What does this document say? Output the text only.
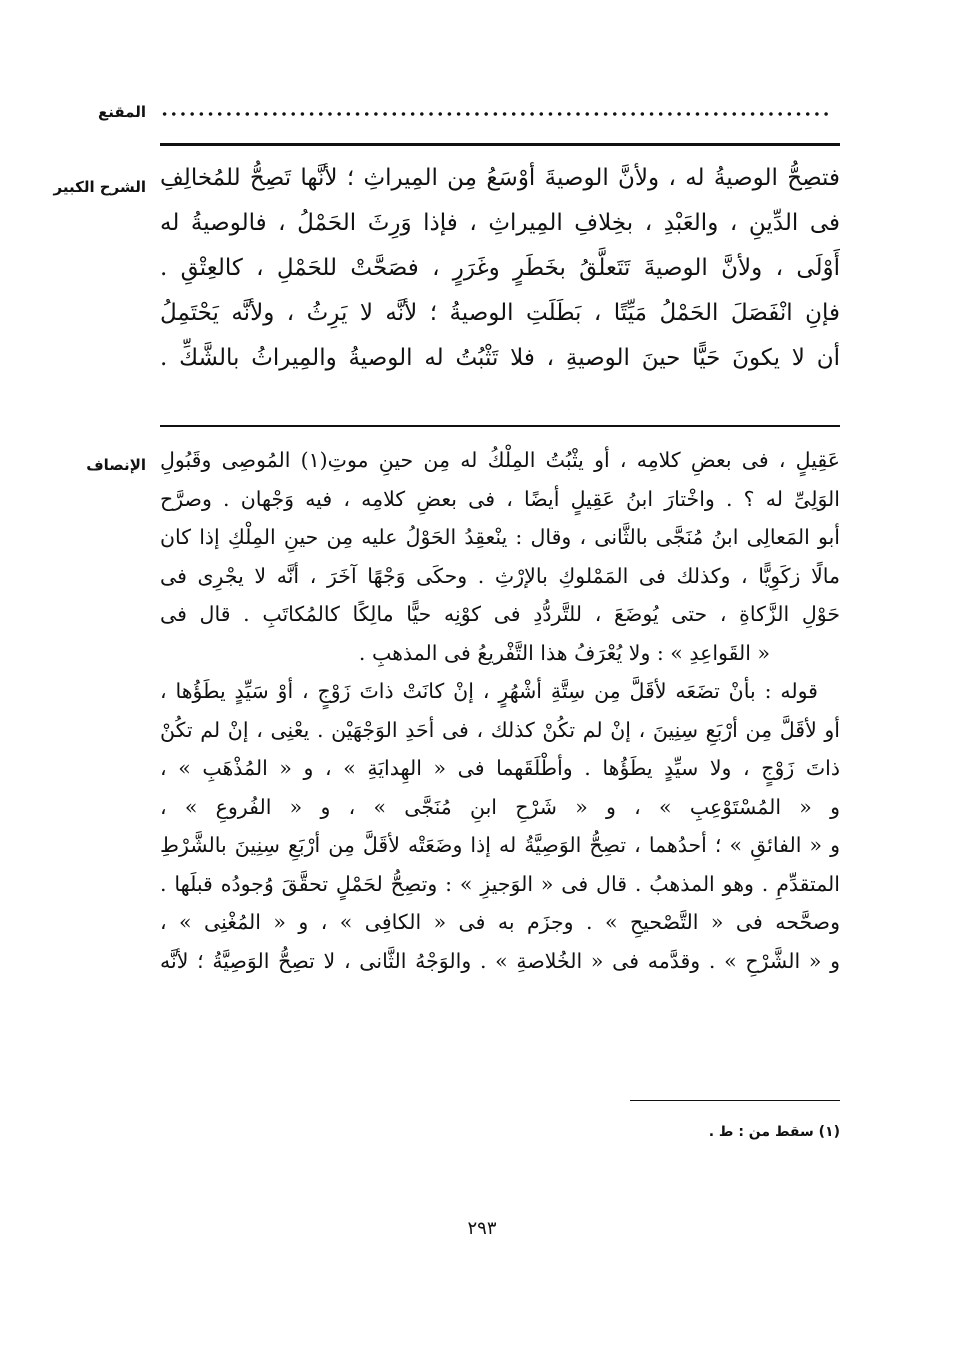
المقنع
الشرح الكبير فتصِحُّ الوصيةُ له ، ولأنَّ الوصيةَ أوْسَعُ مِن المِيراثِ ؛ لأنَّها تَصِحُّ للمُخالِفِ

فى الدِّينِ ، والعَبْدِ ، بخِلافِ المِيراثِ ، فإذا وَرِثَ الحَمْلُ ، فالوصيةُ له

أَوْلَى ، ولأنَّ الوصيةَ تَتَعلَّقُ بخَطَرٍ وغَرَرٍ ، فصَحَّتْ للحَمْلِ ، كالعِتْقِ .

فإنِ انْفَصَلَ الحَمْلُ مَيِّتًا ، بَطَلَتِ الوصيةُ ؛ لأنَّه لا يَرِثُ ، ولأنَّه يَحْتَمِلُ

أن لا يكونَ حَيًّا حينَ الوصيةِ ، فلا تَثْبُتُ له الوصيةُ والمِيراثُ بالشَّكِّ .

الإنصاف عَقِيلٍ ، فى بعضِ كلامِه ، أو يثْبُتُ المِلْكُ له مِن حينِ موتِ(١) المُوصِى وقَبُولِ

الوَلِىِّ له ؟ . واخْتارَ ابنُ عَقِيلٍ أيضًا ، فى بعضِ كلامِه ، فيه وَجْهان . وصرَّح

أبو المَعالِى ابنُ مُنَجَّى بالثَّانى ، وقال : ينْعقِدُ الحَوْلُ عليه مِن حينِ المِلْكِ إذا كان

مالًا زكَوِيًّا ، وكذلك فى المَمْلوكِ بالإرْثِ . وحكَى وَجْهًا آخَرَ ، أنَّه لا يجْرِى فى

حَوْلِ الزَّكاةِ ، حتى يُوضَعَ ، للتَّردُّدِ فى كوْنِه حيًّا مالِكًا كالمُكاتَبِ . قال فى

« القَواعِدِ » : ولا يُعْرَفُ هذا التَّفْريعُ فى المذهبِ .

قوله : بأنْ تضَعَه لأقَلَّ مِن سِتَّةِ أشْهُرٍ ، إنْ كانَتْ ذاتَ زَوْجٍ ، أوْ سَيِّدٍ يطَؤُها ،

أو لأقَلَّ مِن أرْبَعِ سِنِينَ ، إنْ لم تكُنْ كذلك ، فى أحَدِ الوَجْهَيْن . يعْنِى ، إنْ لم تكُنْ

ذاتَ زَوْجٍ ، ولا سيِّدٍ يطَؤُها . وأطْلَقَهما فى « الهِدايَةِ » ، و « المُذْهَبِ » ،

و « المُسْتَوْعِبِ » ، و « شَرْحِ ابنِ مُنَجَّى » ، و « الفُروعِ » ،

و « الفائقِ » ؛ أحدُهما ، تصِحُّ الوَصِيَّةُ له إذا وضَعَتْه لأقَلَّ مِن أرْبَعِ سِنِينَ بالشَّرْطِ

المتقدِّمِ . وهو المذهبُ . قال فى « الوَجيزِ » : وتصِحُّ لحَمْلٍ تحقَّقَ وُجودُه قبلَها .

وصحَّحه فى « التَّصْحيحِ » . وجزَم به فى « الكافِى » ، و « المُغْنِى » ،

و « الشَّرْحِ » . وقدَّمه فى « الخُلاصةِ » . والوَجْهُ الثَّانى ، لا تصِحُّ الوَصِيَّةُ ؛ لأنَّه

(١) سقط من : ط .
٢٩٣
